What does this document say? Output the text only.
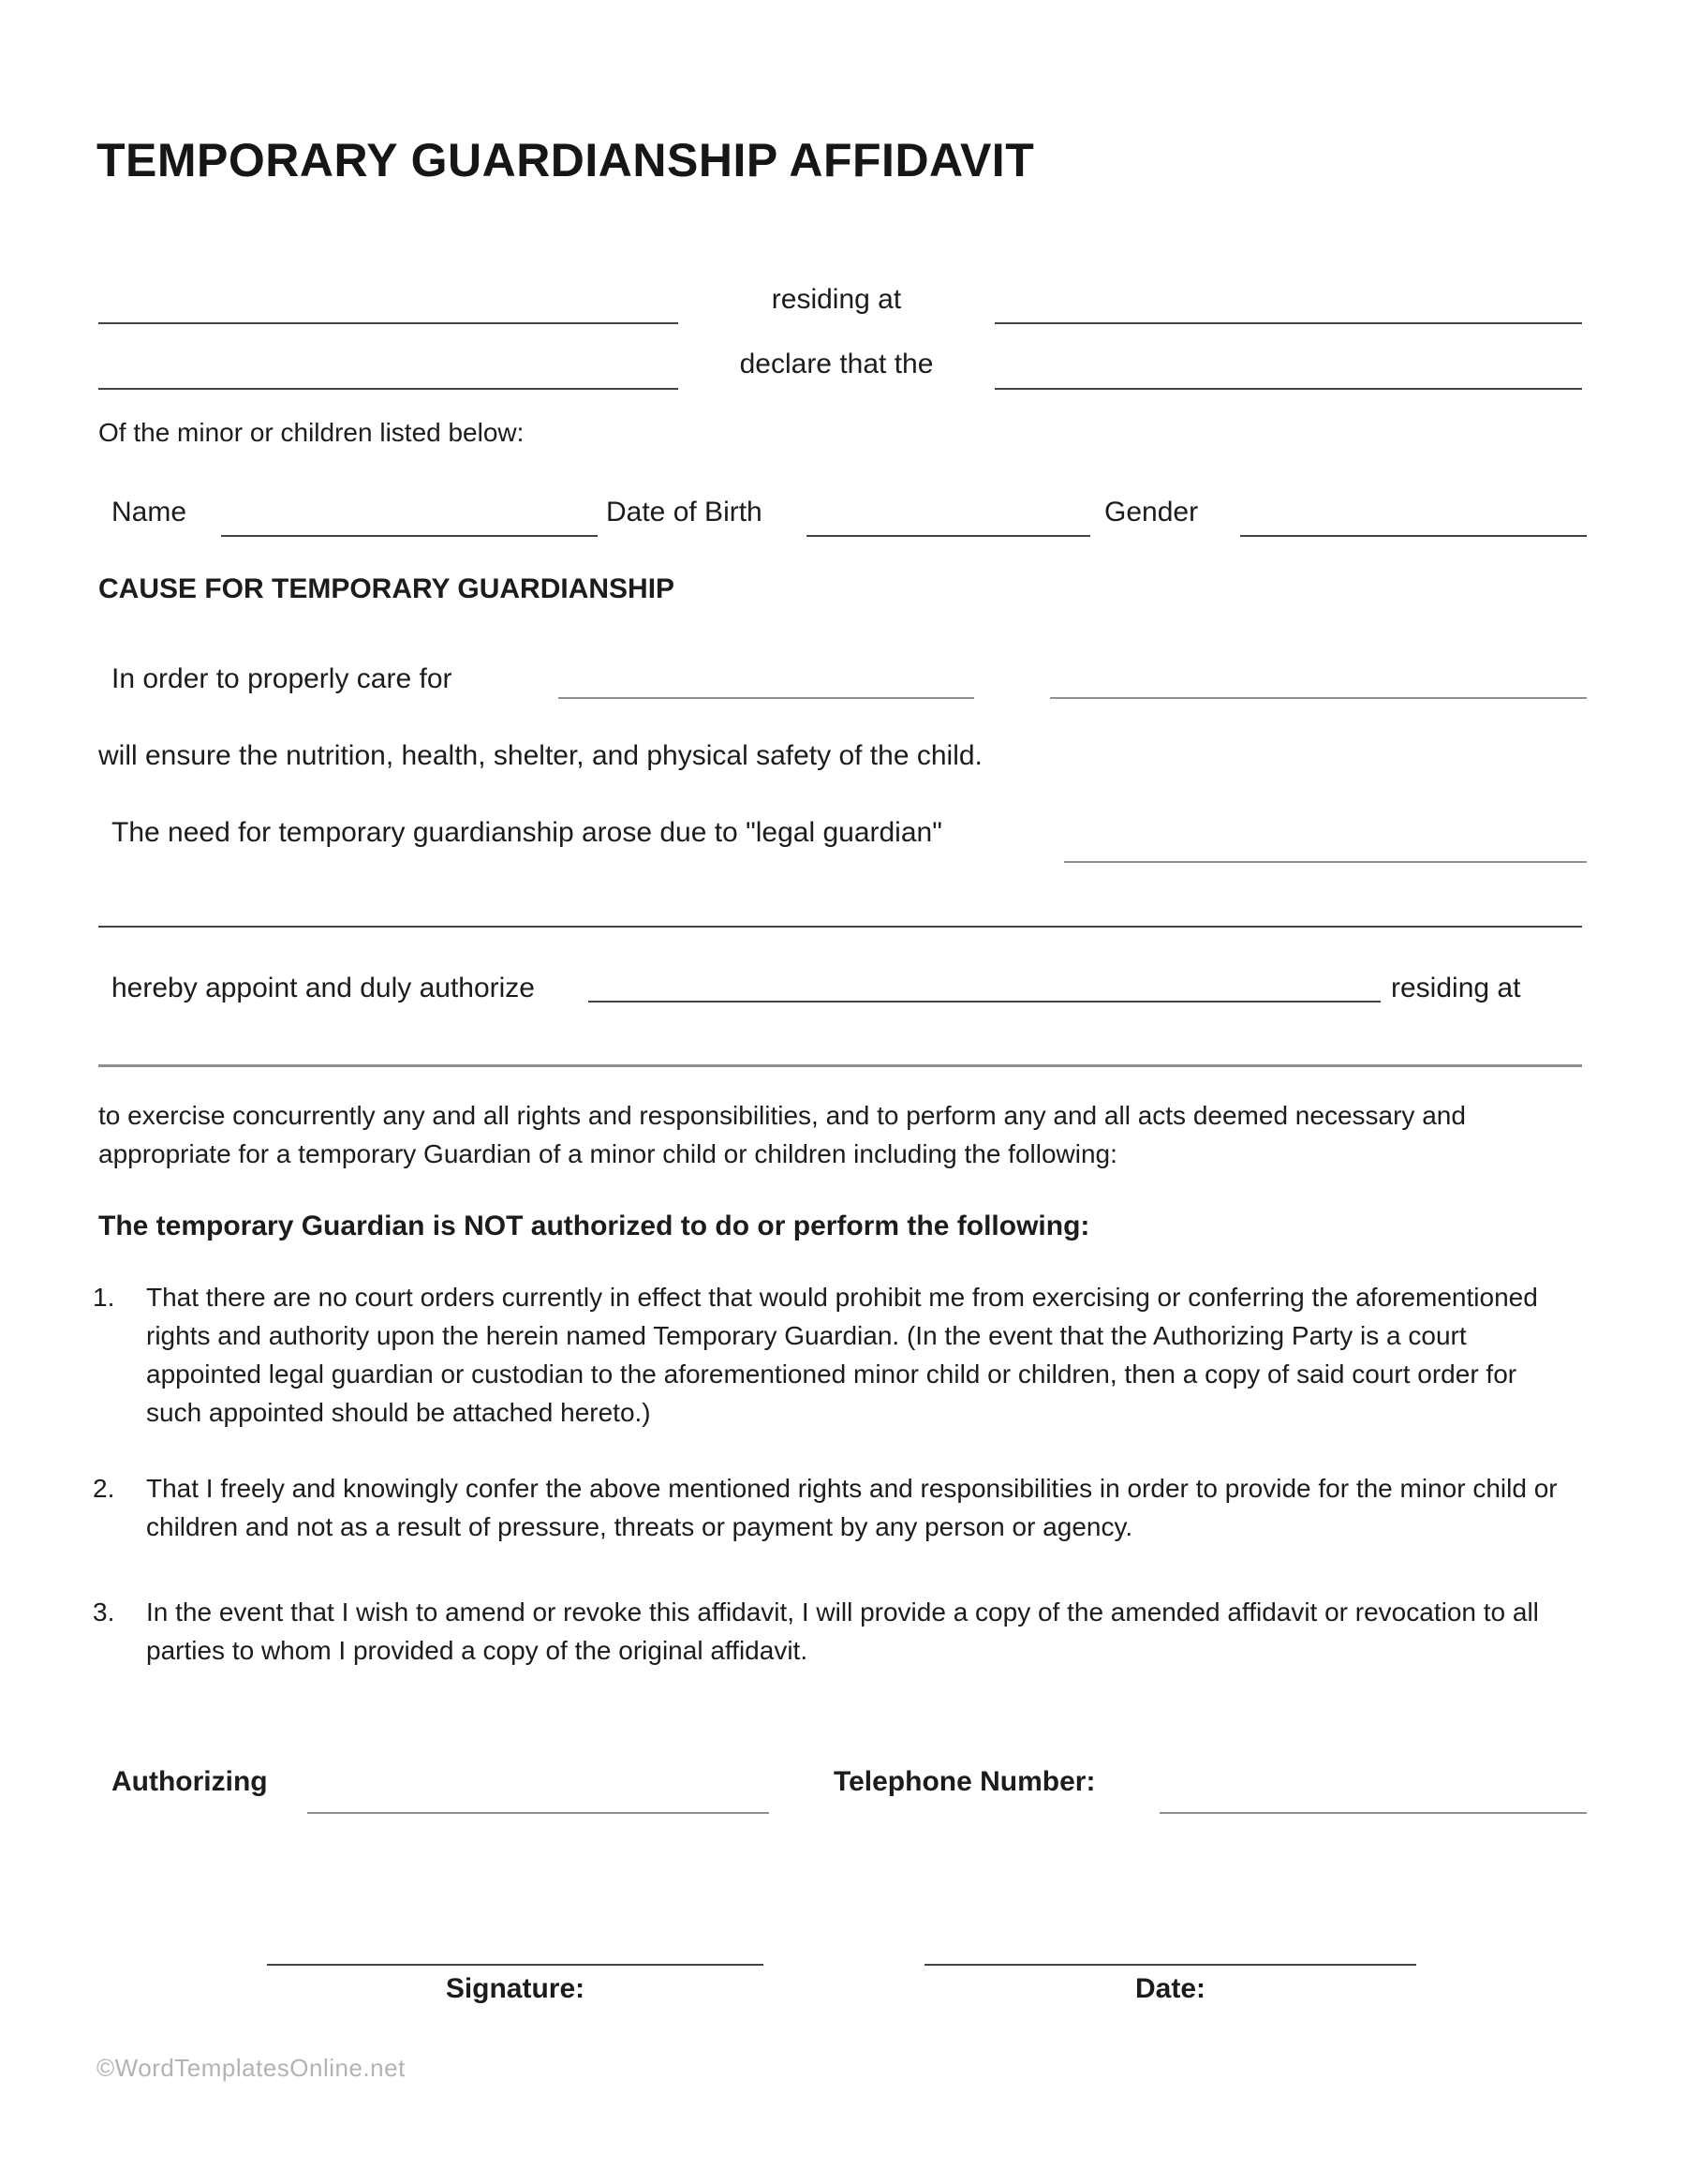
TEMPORARY GUARDIANSHIP AFFIDAVIT
residing at
declare that the
Of the minor or children listed below:
Name	Date of Birth	Gender
CAUSE FOR TEMPORARY GUARDIANSHIP
In order to properly care for
will ensure the nutrition, health, shelter, and physical safety of the child.
The need for temporary guardianship arose due to "legal guardian"
hereby appoint and duly authorize	residing at
to exercise concurrently any and all rights and responsibilities, and to perform any and all acts deemed necessary and appropriate for a temporary Guardian of a minor child or children including the following:
The temporary Guardian is NOT authorized to do or perform the following:
1.	That there are no court orders currently in effect that would prohibit me from exercising or conferring the aforementioned rights and authority upon the herein named Temporary Guardian. (In the event that the Authorizing Party is a court appointed legal guardian or custodian to the aforementioned minor child or children, then a copy of said court order for such appointed should be attached hereto.)
2.	That I freely and knowingly confer the above mentioned rights and responsibilities in order to provide for the minor child or children and not as a result of pressure, threats or payment by any person or agency.
3.	In the event that I wish to amend or revoke this affidavit, I will provide a copy of the amended affidavit or revocation to all parties to whom I provided a copy of the original affidavit.
Authorizing	Telephone Number:
Signature:	Date:
©WordTemplatesOnline.net
